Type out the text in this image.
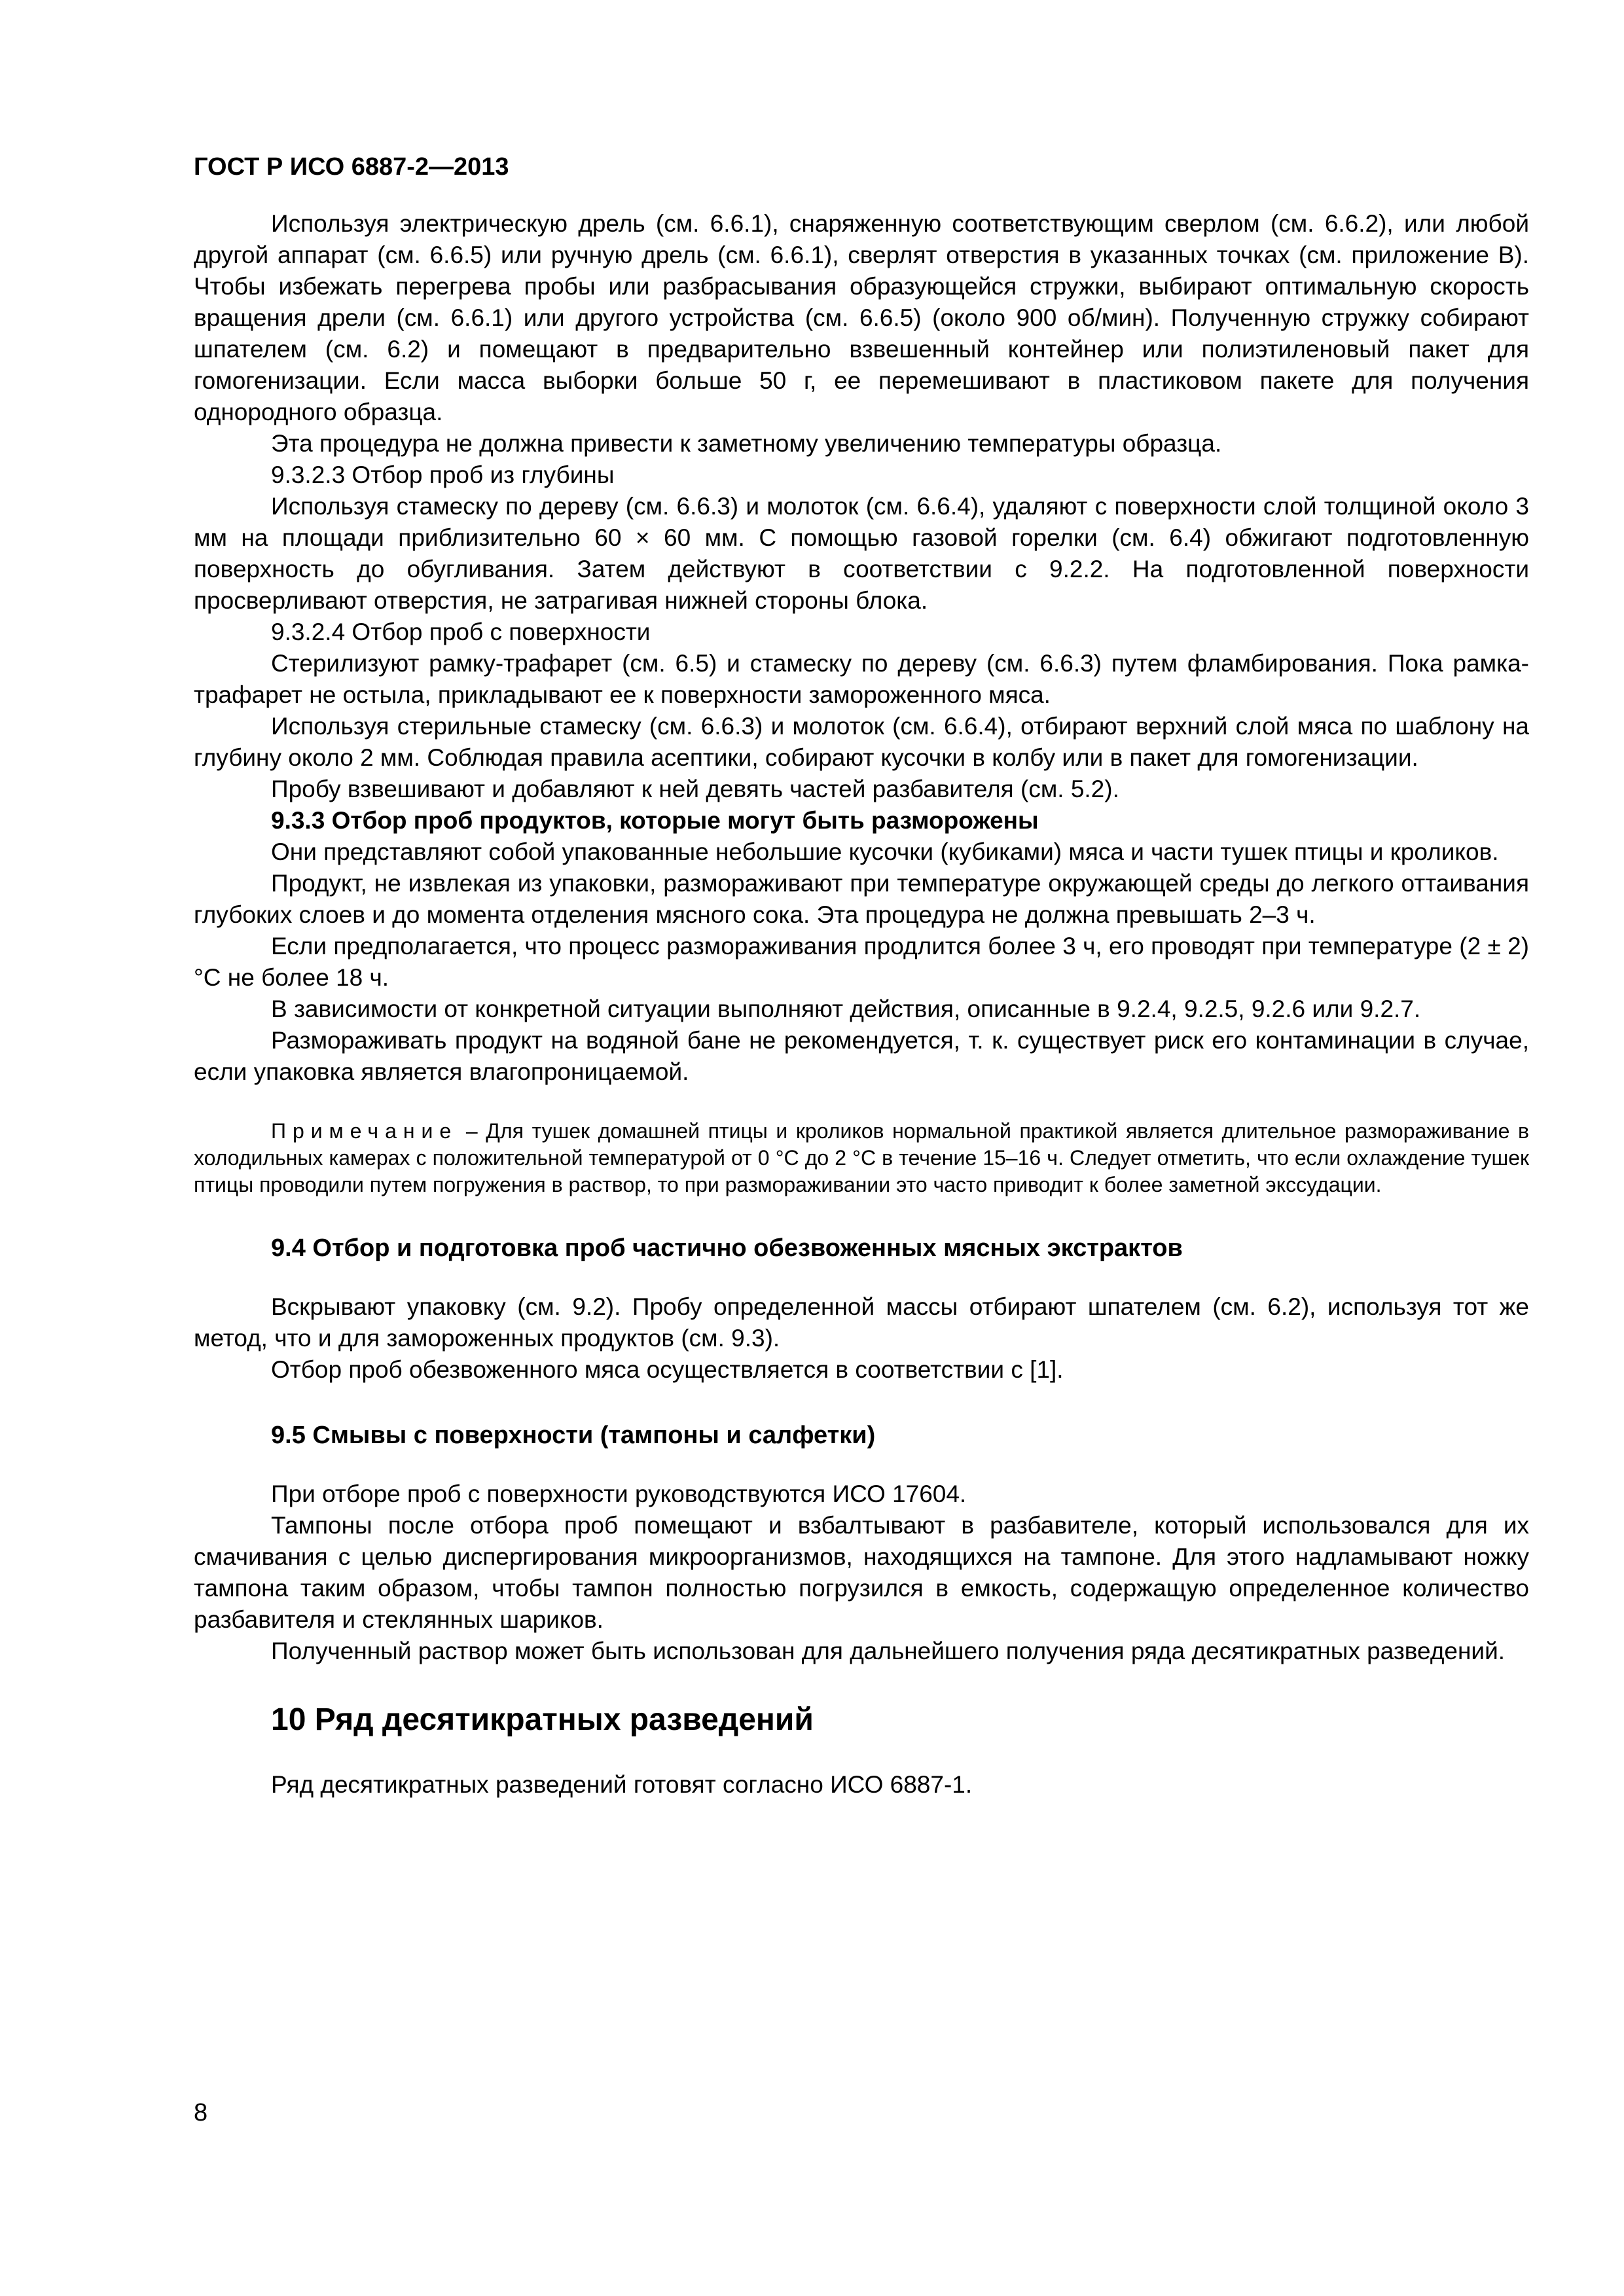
ГОСТ Р ИСО 6887-2—2013

Используя электрическую дрель (см. 6.6.1), снаряженную соответствующим сверлом (см. 6.6.2), или любой другой аппарат (см. 6.6.5) или ручную дрель (см. 6.6.1), сверлят отверстия в указанных точках (см. приложение В). Чтобы избежать перегрева пробы или разбрасывания образующейся стружки, выбирают оптимальную скорость вращения дрели (см. 6.6.1) или другого устройства (см. 6.6.5) (около 900 об/мин). Полученную стружку собирают шпателем (см. 6.2) и помещают в предварительно взвешенный контейнер или полиэтиленовый пакет для гомогенизации. Если масса выборки больше 50 г, ее перемешивают в пластиковом пакете для получения однородного образца.

Эта процедура не должна привести к заметному увеличению температуры образца.

9.3.2.3 Отбор проб из глубины

Используя стамеску по дереву (см. 6.6.3) и молоток (см. 6.6.4), удаляют с поверхности слой толщиной около 3 мм на площади приблизительно 60 × 60 мм. С помощью газовой горелки (см. 6.4) обжигают подготовленную поверхность до обугливания. Затем действуют в соответствии с 9.2.2. На подготовленной поверхности просверливают отверстия, не затрагивая нижней стороны блока.

9.3.2.4 Отбор проб с поверхности

Стерилизуют рамку-трафарет (см. 6.5) и стамеску по дереву (см. 6.6.3) путем фламбирования. Пока рамка-трафарет не остыла, прикладывают ее к поверхности замороженного мяса.

Используя стерильные стамеску (см. 6.6.3) и молоток (см. 6.6.4), отбирают верхний слой мяса по шаблону на глубину около 2 мм. Соблюдая правила асептики, собирают кусочки в колбу или в пакет для гомогенизации.

Пробу взвешивают и добавляют к ней девять частей разбавителя (см. 5.2).

9.3.3 Отбор проб продуктов, которые могут быть разморожены

Они представляют собой упакованные небольшие кусочки (кубиками) мяса и части тушек птицы и кроликов.

Продукт, не извлекая из упаковки, размораживают при температуре окружающей среды до легкого оттаивания глубоких слоев и до момента отделения мясного сока. Эта процедура не должна превышать 2–3 ч.

Если предполагается, что процесс размораживания продлится более 3 ч, его проводят при температуре (2 ± 2) °С не более 18 ч.

В зависимости от конкретной ситуации выполняют действия, описанные в 9.2.4, 9.2.5, 9.2.6 или 9.2.7.

Размораживать продукт на водяной бане не рекомендуется, т. к. существует риск его контаминации в случае, если упаковка является влагопроницаемой.

Примечание – Для тушек домашней птицы и кроликов нормальной практикой является длительное размораживание в холодильных камерах с положительной температурой от 0 °С до 2 °С в течение 15–16 ч. Следует отметить, что если охлаждение тушек птицы проводили путем погружения в раствор, то при размораживании это часто приводит к более заметной экссудации.

9.4 Отбор и подготовка проб частично обезвоженных мясных экстрактов

Вскрывают упаковку (см. 9.2). Пробу определенной массы отбирают шпателем (см. 6.2), используя тот же метод, что и для замороженных продуктов (см. 9.3).

Отбор проб обезвоженного мяса осуществляется в соответствии с [1].

9.5 Смывы с поверхности (тампоны и салфетки)

При отборе проб с поверхности руководствуются ИСО 17604.

Тампоны после отбора проб помещают и взбалтывают в разбавителе, который использовался для их смачивания с целью диспергирования микроорганизмов, находящихся на тампоне. Для этого надламывают ножку тампона таким образом, чтобы тампон полностью погрузился в емкость, содержащую определенное количество разбавителя и стеклянных шариков.

Полученный раствор может быть использован для дальнейшего получения ряда десятикратных разведений.

10 Ряд десятикратных разведений

Ряд десятикратных разведений готовят согласно ИСО 6887-1.

8
